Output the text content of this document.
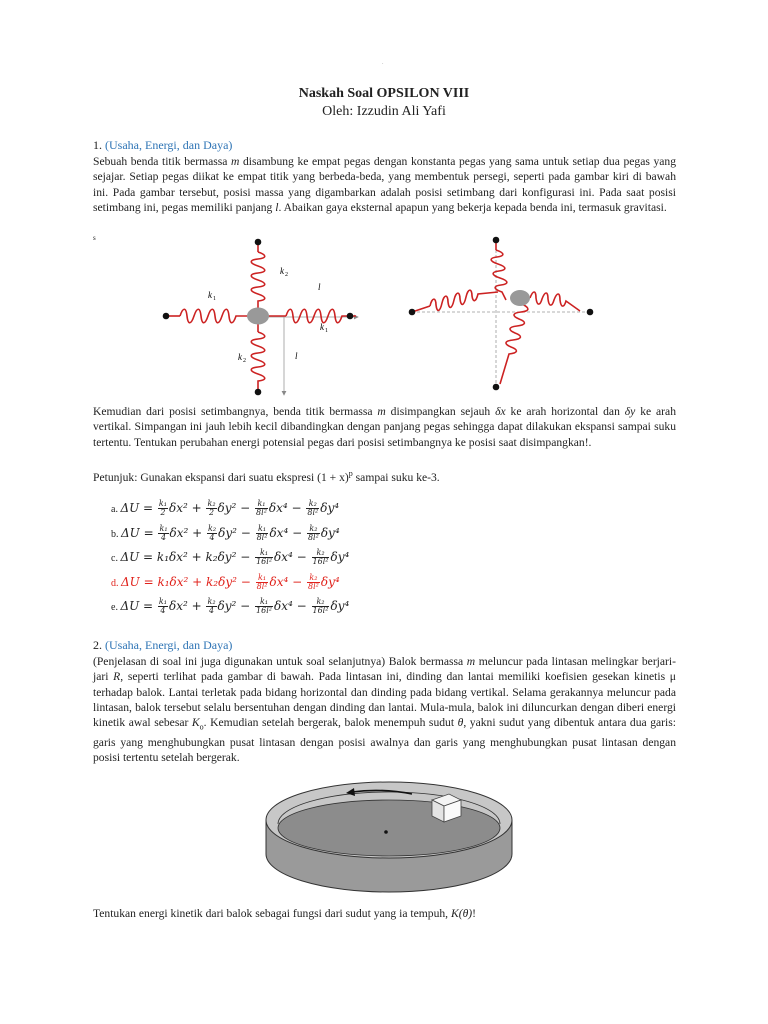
.
Naskah Soal OPSILON VIII
Oleh: Izzudin Ali Yafi
1. (Usaha, Energi, dan Daya)
Sebuah benda titik bermassa m disambung ke empat pegas dengan konstanta pegas yang sama untuk setiap dua pegas yang sejajar. Setiap pegas diikat ke empat titik yang berbeda-beda, yang membentuk persegi, seperti pada gambar kiri di bawah ini. Pada gambar tersebut, posisi massa yang digambarkan adalah posisi setimbang dari konfigurasi ini. Pada saat posisi setimbang ini, pegas memiliki panjang l. Abaikan gaya eksternal apapun yang bekerja kepada benda ini, termasuk gravitasi.
s
k 1
k 2
k 1
k 2
l
l
Kemudian dari posisi setimbangnya, benda titik bermassa m disimpangkan sejauh δx ke arah horizontal dan δy ke arah vertikal. Simpangan ini jauh lebih kecil dibandingkan dengan panjang pegas sehingga dapat dilakukan ekspansi sampai suku tertentu. Tentukan perubahan energi potensial pegas dari posisi setimbangnya ke posisi saat disimpangkan!.
Petunjuk: Gunakan ekspansi dari suatu ekspresi $(1 + x)^p$ sampai suku ke-3.
a. $\Delta U = \frac{\text{k₁}}{2} \delta x^2 + \frac{\text{k₂}}{2} \delta y^2 - \frac{\text{k₁}}{\text{8l²}} \delta x^4 - \frac{\text{k₂}}{\text{8l²}} \delta y^4$
b. $\Delta U = \frac{\text{k₁}}{4} \delta x^2 + \frac{\text{k₂}}{4} \delta y^2 - \frac{\text{k₁}}{\text{8l²}} \delta x^4 - \frac{\text{k₂}}{\text{8l²}} \delta y^4$
c. $\Delta U = k_1\delta x^2 + k_2\delta y^2 - \frac{\text{k₁}}{\text{16l²}} \delta x^4 - \frac{\text{k₂}}{\text{16l²}} \delta y^4$
d. $\Delta U = k_1\delta x^2 + k_2\delta y^2 - \frac{\text{k₁}}{\text{8l²}} \delta x^4 - \frac{\text{k₂}}{\text{8l²}} \delta y^4$
e. $\Delta U = \frac{\text{k₁}}{4} \delta x^2 + \frac{\text{k₂}}{4} \delta y^2 - \frac{\text{k₁}}{\text{16l²}} \delta x^4 - \frac{\text{k₂}}{\text{16l²}} \delta y^4$
2. (Usaha, Energi, dan Daya)
(Penjelasan di soal ini juga digunakan untuk soal selanjutnya) Balok bermassa m meluncur pada lintasan melingkar berjari-jari R, seperti terlihat pada gambar di bawah. Pada lintasan ini, dinding dan lantai memiliki koefisien gesekan kinetis μ terhadap balok. Lantai terletak pada bidang horizontal dan dinding pada bidang vertikal. Selama gerakannya meluncur pada lintasan, balok tersebut selalu bersentuhan dengan dinding dan lantai. Mula-mula, balok ini diluncurkan dengan diberi energi kinetik awal sebesar $K_o$. Kemudian setelah bergerak, balok menempuh sudut θ, yakni sudut yang dibentuk antara dua garis: garis yang menghubungkan pusat lintasan dengan posisi awalnya dan garis yang menghubungkan pusat lintasan dengan posisi tertentu setelah bergerak.
Tentukan energi kinetik dari balok sebagai fungsi dari sudut yang ia tempuh, K(θ)!
